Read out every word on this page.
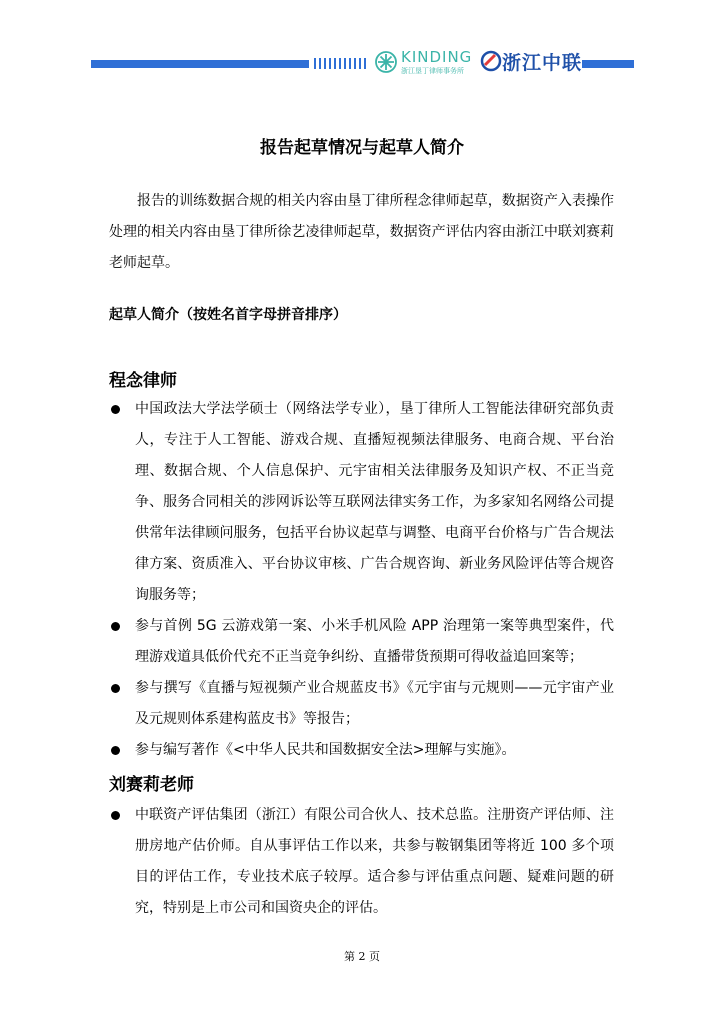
KINDING
浙江垦丁律师事务所 浙江中联
报告起草情况与起草人简介

报告的训练数据合规的相关内容由垦丁律所程念律师起草，数据资产入表操作处理的相关内容由垦丁律所徐艺凌律师起草，数据资产评估内容由浙江中联刘赛莉老师起草。

起草人简介（按姓名首字母拼音排序）

程念律师

中国政法大学法学硕士（网络法学专业），垦丁律所人工智能法律研究部负责人，专注于人工智能、游戏合规、直播短视频法律服务、电商合规、平台治理、数据合规、个人信息保护、元宇宙相关法律服务及知识产权、不正当竞争、服务合同相关的涉网诉讼等互联网法律实务工作，为多家知名网络公司提供常年法律顾问服务，包括平台协议起草与调整、电商平台价格与广告合规法律方案、资质准入、平台协议审核、广告合规咨询、新业务风险评估等合规咨询服务等；
参与首例 5G 云游戏第一案、小米手机风险 APP 治理第一案等典型案件，代理游戏道具低价代充不正当竞争纠纷、直播带货预期可得收益追回案等；
参与撰写《直播与短视频产业合规蓝皮书》《元宇宙与元规则——元宇宙产业及元规则体系建构蓝皮书》等报告；
参与编写著作《<中华人民共和国数据安全法>理解与实施》。

刘赛莉老师

中联资产评估集团（浙江）有限公司合伙人、技术总监。注册资产评估师、注册房地产估价师。自从事评估工作以来，共参与鞍钢集团等将近 100 多个项目的评估工作，专业技术底子较厚。适合参与评估重点问题、疑难问题的研究，特别是上市公司和国资央企的评估。
第 2 页
